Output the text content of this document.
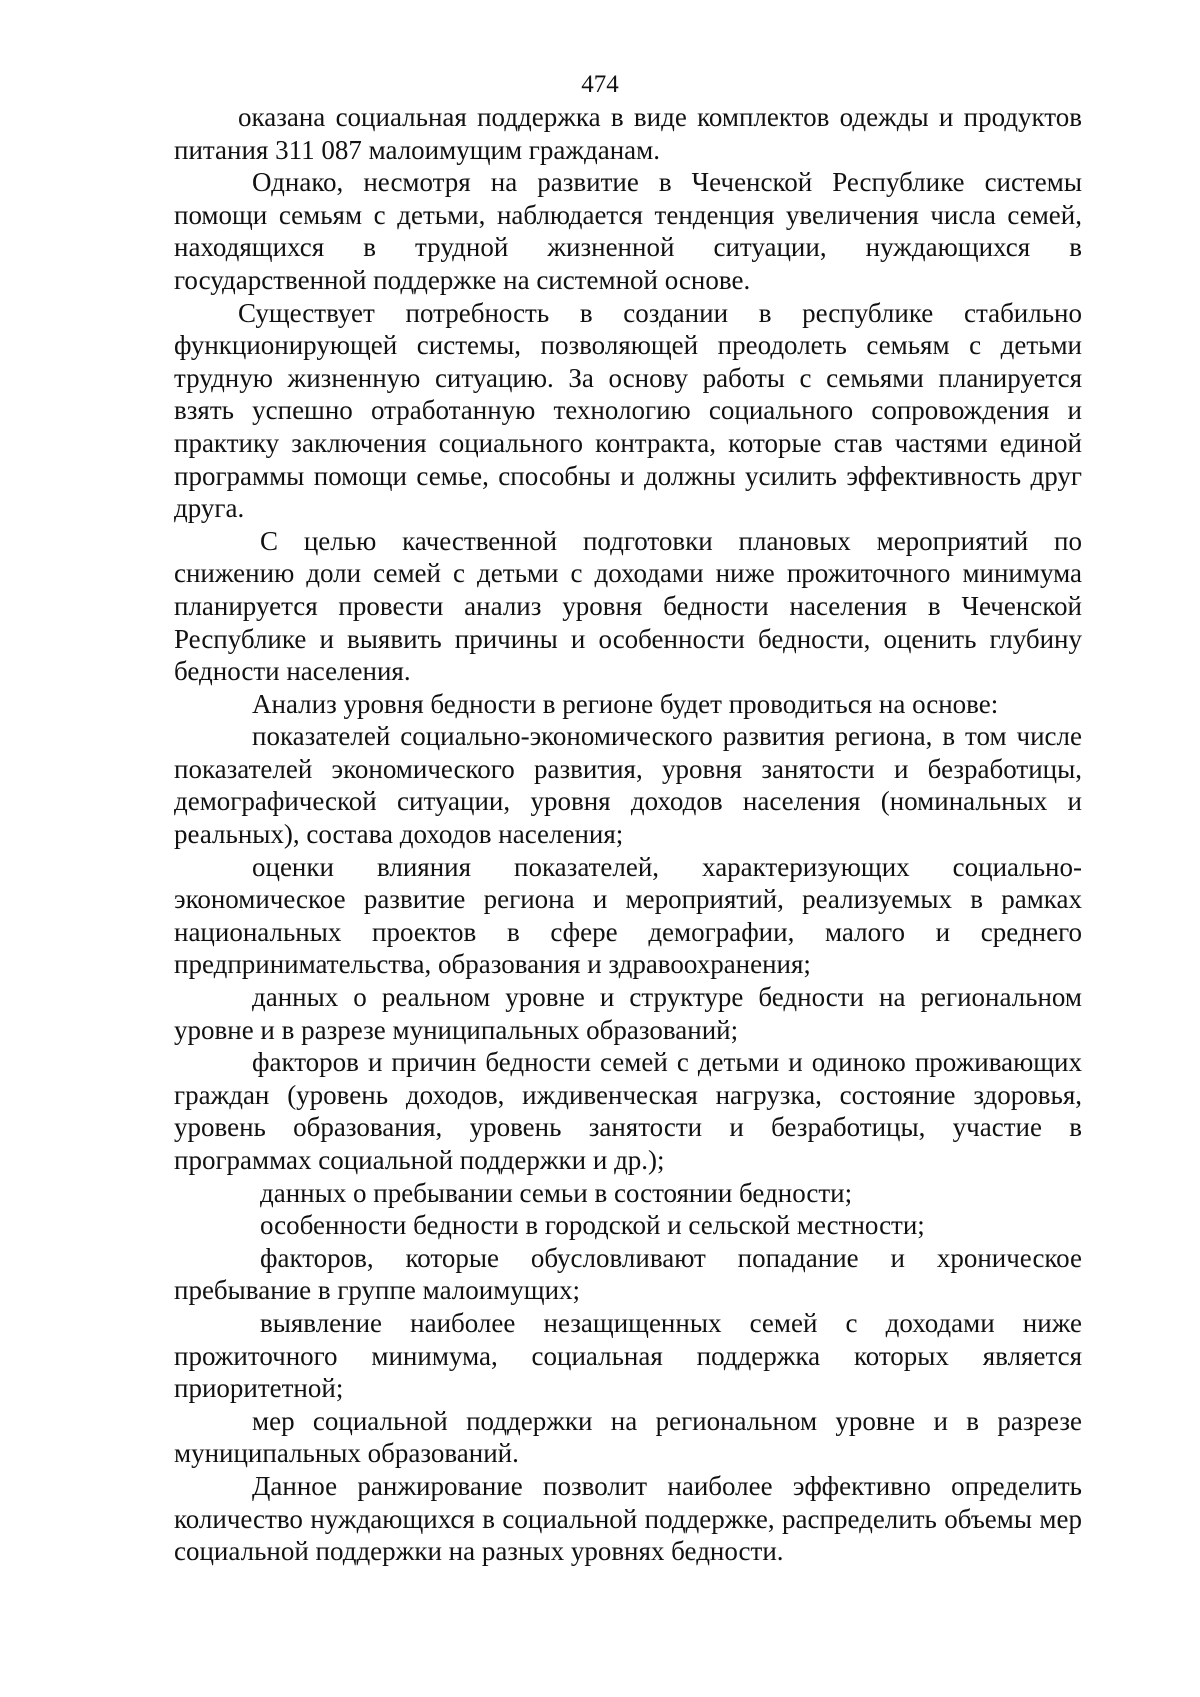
474

оказана социальная поддержка в виде комплектов одежды и продуктов питания 311 087 малоимущим гражданам.

Однако, несмотря на развитие в Чеченской Республике системы помощи семьям с детьми, наблюдается тенденция увеличения числа семей, находящихся в трудной жизненной ситуации, нуждающихся в государственной поддержке на системной основе.

Существует потребность в создании в республике стабильно функционирующей системы, позволяющей преодолеть семьям с детьми трудную жизненную ситуацию. За основу работы с семьями планируется взять успешно отработанную технологию социального сопровождения и практику заключения социального контракта, которые став частями единой программы помощи семье, способны и должны усилить эффективность друг друга.

С целью качественной подготовки плановых мероприятий по снижению доли семей с детьми с доходами ниже прожиточного минимума планируется провести анализ уровня бедности населения в Чеченской Республике и выявить причины и особенности бедности, оценить глубину бедности населения.

Анализ уровня бедности в регионе будет проводиться на основе:

показателей социально-экономического развития региона, в том числе показателей экономического развития, уровня занятости и безработицы, демографической ситуации, уровня доходов населения (номинальных и реальных), состава доходов населения;

оценки влияния показателей, характеризующих социально-экономическое развитие региона и мероприятий, реализуемых в рамках национальных проектов в сфере демографии, малого и среднего предпринимательства, образования и здравоохранения;

данных о реальном уровне и структуре бедности на региональном уровне и в разрезе муниципальных образований;

факторов и причин бедности семей с детьми и одиноко проживающих граждан (уровень доходов, иждивенческая нагрузка, состояние здоровья, уровень образования, уровень занятости и безработицы, участие в программах социальной поддержки и др.);

данных о пребывании семьи в состоянии бедности;

особенности бедности в городской и сельской местности;

факторов, которые обусловливают попадание и хроническое пребывание в группе малоимущих;

выявление наиболее незащищенных семей с доходами ниже прожиточного минимума, социальная поддержка которых является приоритетной;

мер социальной поддержки на региональном уровне и в разрезе муниципальных образований.

Данное ранжирование позволит наиболее эффективно определить количество нуждающихся в социальной поддержке, распределить объемы мер социальной поддержки на разных уровнях бедности.
